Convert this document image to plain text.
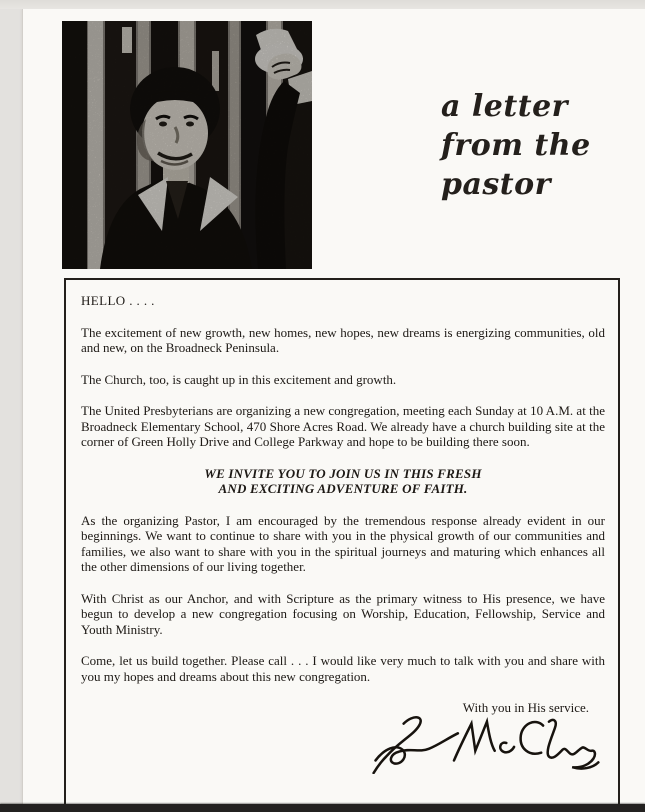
a letter
from the
pastor

HELLO . . . .

The excitement of new growth, new homes, new hopes, new dreams is energizing communities, old and new, on the Broadneck Peninsula.

The Church, too, is caught up in this excitement and growth.

The United Presbyterians are organizing a new congregation, meeting each Sunday at 10 A.M. at the Broadneck Elementary School, 470 Shore Acres Road. We already have a church building site at the corner of Green Holly Drive and College Parkway and hope to be building there soon.

WE INVITE YOU TO JOIN US IN THIS FRESH
AND EXCITING ADVENTURE OF FAITH.

As the organizing Pastor, I am encouraged by the tremendous response already evident in our beginnings. We want to continue to share with you in the physical growth of our communities and families, we also want to share with you in the spiritual journeys and maturing which enhances all the other dimensions of our living together.

With Christ as our Anchor, and with Scripture as the primary witness to His presence, we have begun to develop a new congregation focusing on Worship, Education, Fellowship, Service and Youth Ministry.

Come, let us build together. Please call . . . I would like very much to talk with you and share with you my hopes and dreams about this new congregation.

With you in His service.
